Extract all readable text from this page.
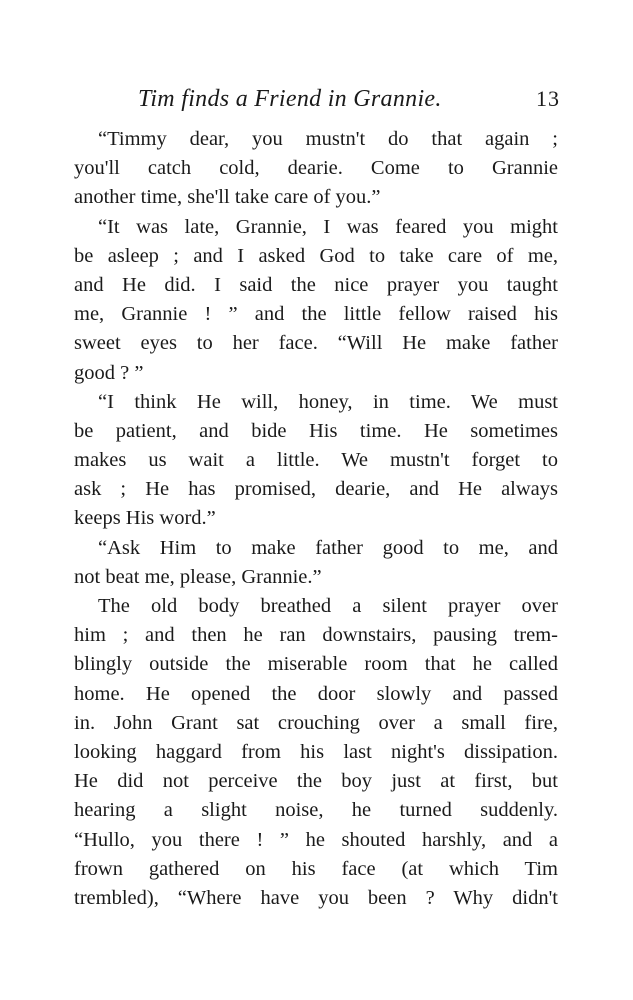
Tim finds a Friend in Grannie.	13
“Timmy dear, you mustn't do that again ;
you'll catch cold, dearie. Come to Grannie
another time, she'll take care of you.”
“It was late, Grannie, I was feared you might
be asleep ; and I asked God to take care of me,
and He did. I said the nice prayer you taught
me, Grannie ! ” and the little fellow raised his
sweet eyes to her face. “Will He make father
good ? ”
“I think He will, honey, in time. We must
be patient, and bide His time. He sometimes
makes us wait a little. We mustn't forget to
ask ; He has promised, dearie, and He always
keeps His word.”
“Ask Him to make father good to me, and
not beat me, please, Grannie.”
The old body breathed a silent prayer over
him ; and then he ran downstairs, pausing trem-
blingly outside the miserable room that he called
home. He opened the door slowly and passed
in. John Grant sat crouching over a small fire,
looking haggard from his last night's dissipation.
He did not perceive the boy just at first, but
hearing a slight noise, he turned suddenly.
“Hullo, you there ! ” he shouted harshly, and a
frown gathered on his face (at which Tim
trembled), “Where have you been ? Why didn't
